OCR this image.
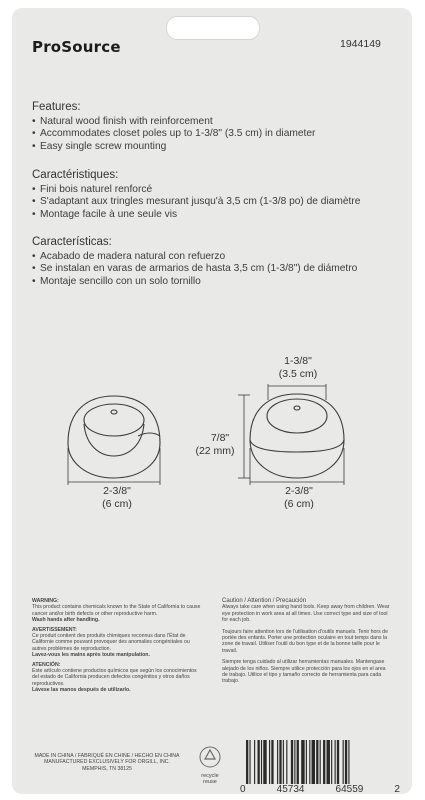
ProSource	1944149
Features:
• Natural wood finish with reinforcement
• Accommodates closet poles up to 1-3/8" (3.5 cm) in diameter
• Easy single screw mounting
Caractéristiques:
• Fini bois naturel renforcé
• S'adaptant aux tringles mesurant jusqu'à 3,5 cm (1-3/8 po) de diamètre
• Montage facile à une seule vis
Características:
• Acabado de madera natural con refuerzo
• Se instalan en varas de armarios de hasta 3,5 cm (1-3/8") de diámetro
• Montaje sencillo con un solo tornillo
2-3/8"
(6 cm)
7/8"
(22 mm)
1-3/8"
(3.5 cm)
2-3/8"
(6 cm)
WARNING:
This product contains chemicals known to the State of California to cause cancer and/or birth defects or other reproductive harm.
Wash hands after handling.
AVERTISSEMENT:
Ce produit contient des produits chimiques reconnus dans l'État de Californie comme pouvant provoquer des anomalies congénitales ou autres problèmes de reproduction.
Lavez-vous les mains après toute manipulation.
ATENCIÓN:
Este artículo contiene productos químicos que según los conocimientos del estado de California producen defectos congénitos y otros daños reproductivos.
Lávese las manos después de utilizarlo.
Caution / Attention / Precaución
Always take care when using hand tools. Keep away from children. Wear eye protection in work area at all times. Use correct type and size of tool for each job.
Toujours faire attention lors de l'utilisation d'outils manuels. Tenir hors de portée des enfants. Porter une protection oculaire en tout temps dans la zone de travail. Utiliser l'outil du bon type et de la bonne taille pour le travail.
Siempre tenga cuidado al utilizar herramientas manuales. Mantengase alejado de los niños. Siempre utilice protección para los ojos en el area de trabajo. Utilice el tipo y tamaño correcto de herramienta para cada trabajo.
MADE IN CHINA / FABRIQUÉ EN CHINE / HECHO EN CHINA MANUFACTURED EXCLUSIVELY FOR ORGILL, INC. MEMPHIS, TN 38125
recycle
reuse
0	45734	64559	2
